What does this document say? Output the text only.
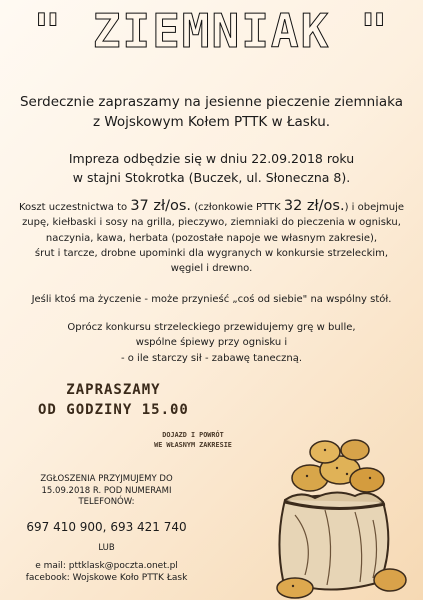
" ZIEMNIAK "
Serdecznie zapraszamy na jesienne pieczenie ziemniaka
z Wojskowym Kołem PTTK w Łasku.
Impreza odbędzie się w dniu 22.09.2018 roku
w stajni Stokrotka (Buczek, ul. Słoneczna 8).
Koszt uczestnictwa to 37 zł/os. (członkowie PTTK 32 zł/os.) i obejmuje
zupę, kiełbaski i sosy na grilla, pieczywo, ziemniaki do pieczenia w ognisku,
naczynia, kawa, herbata (pozostałe napoje we własnym zakresie),
śrut i tarcze, drobne upominki dla wygranych w konkursie strzeleckim,
węgiel i drewno.
Jeśli ktoś ma życzenie - może przynieść „coś od siebie" na wspólny stół.
Oprócz konkursu strzeleckiego przewidujemy grę w bulle,
wspólne śpiewy przy ognisku i
- o ile starczy sił - zabawę taneczną.
ZAPRASZAMY
OD GODZINY 15.00
DOJAZD I POWRÓT
WE WŁASNYM ZAKRESIE
ZGŁOSZENIA PRZYJMUJEMY DO
15.09.2018 R. POD NUMERAMI
TELEFONÓW:
697 410 900, 693 421 740
LUB
e mail: pttklask@poczta.onet.pl
facebook: Wojskowe Koło PTTK Łask
